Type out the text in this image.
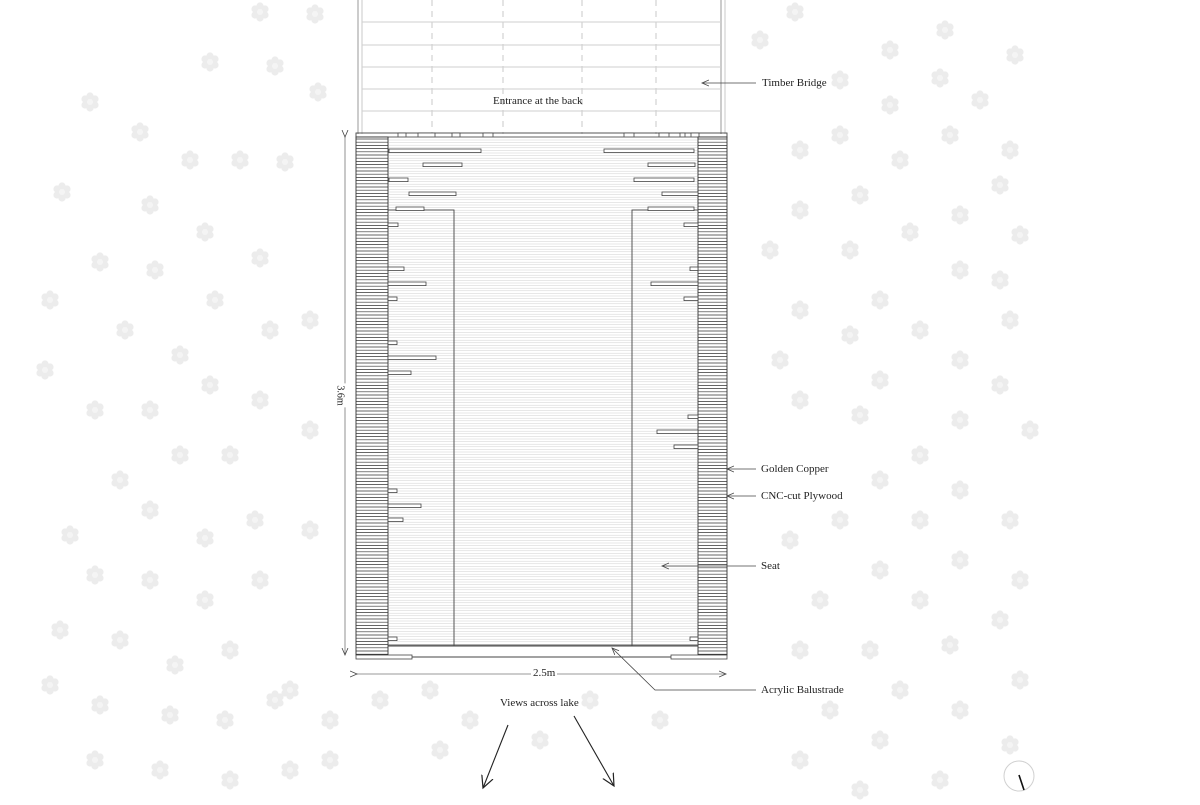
Entrance at the back
Views across lake
2.5m
3.6m
Timber Bridge
Golden Copper
CNC-cut Plywood
Seat
Acrylic Balustrade
